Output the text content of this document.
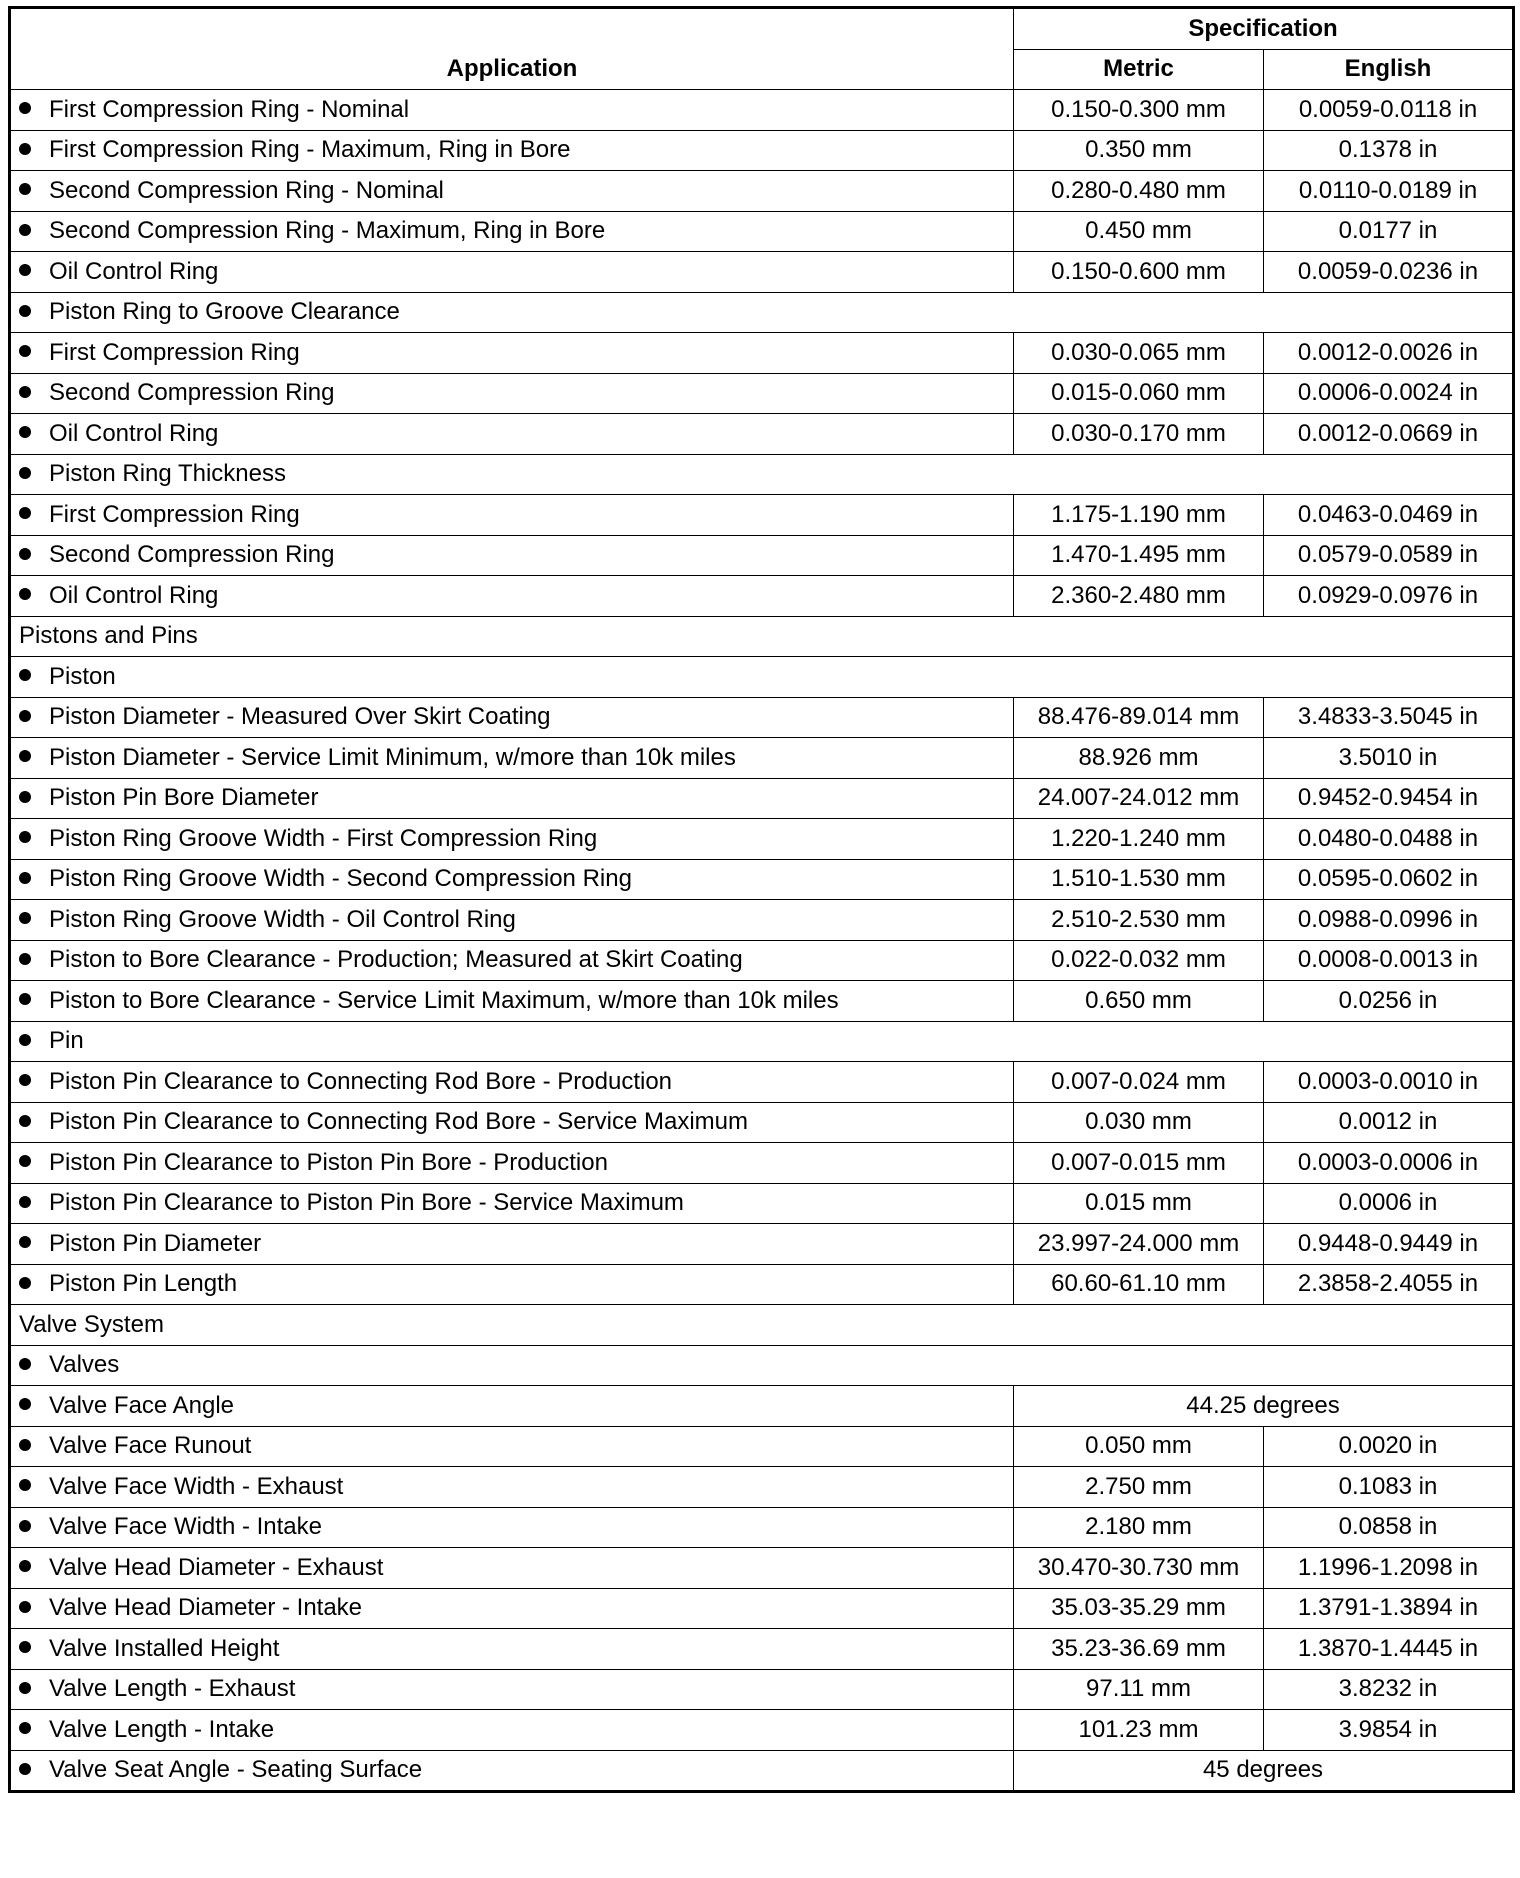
Application	Specification	
	Metric	English
First Compression Ring - Nominal	0.150-0.300 mm	0.0059-0.0118 in
First Compression Ring - Maximum, Ring in Bore	0.350 mm	0.1378 in
Second Compression Ring - Nominal	0.280-0.480 mm	0.0110-0.0189 in
Second Compression Ring - Maximum, Ring in Bore	0.450 mm	0.0177 in
Oil Control Ring	0.150-0.600 mm	0.0059-0.0236 in
Piston Ring to Groove Clearance		
First Compression Ring	0.030-0.065 mm	0.0012-0.0026 in
Second Compression Ring	0.015-0.060 mm	0.0006-0.0024 in
Oil Control Ring	0.030-0.170 mm	0.0012-0.0669 in
Piston Ring Thickness		
First Compression Ring	1.175-1.190 mm	0.0463-0.0469 in
Second Compression Ring	1.470-1.495 mm	0.0579-0.0589 in
Oil Control Ring	2.360-2.480 mm	0.0929-0.0976 in
Pistons and Pins		
Piston		
Piston Diameter - Measured Over Skirt Coating	88.476-89.014 mm	3.4833-3.5045 in
Piston Diameter - Service Limit Minimum, w/more than 10k miles	88.926 mm	3.5010 in
Piston Pin Bore Diameter	24.007-24.012 mm	0.9452-0.9454 in
Piston Ring Groove Width - First Compression Ring	1.220-1.240 mm	0.0480-0.0488 in
Piston Ring Groove Width - Second Compression Ring	1.510-1.530 mm	0.0595-0.0602 in
Piston Ring Groove Width - Oil Control Ring	2.510-2.530 mm	0.0988-0.0996 in
Piston to Bore Clearance - Production; Measured at Skirt Coating	0.022-0.032 mm	0.0008-0.0013 in
Piston to Bore Clearance - Service Limit Maximum, w/more than 10k miles	0.650 mm	0.0256 in
Pin		
Piston Pin Clearance to Connecting Rod Bore - Production	0.007-0.024 mm	0.0003-0.0010 in
Piston Pin Clearance to Connecting Rod Bore - Service Maximum	0.030 mm	0.0012 in
Piston Pin Clearance to Piston Pin Bore - Production	0.007-0.015 mm	0.0003-0.0006 in
Piston Pin Clearance to Piston Pin Bore - Service Maximum	0.015 mm	0.0006 in
Piston Pin Diameter	23.997-24.000 mm	0.9448-0.9449 in
Piston Pin Length	60.60-61.10 mm	2.3858-2.4055 in
Valve System		
Valves		
Valve Face Angle	44.25 degrees	
Valve Face Runout	0.050 mm	0.0020 in
Valve Face Width - Exhaust	2.750 mm	0.1083 in
Valve Face Width - Intake	2.180 mm	0.0858 in
Valve Head Diameter - Exhaust	30.470-30.730 mm	1.1996-1.2098 in
Valve Head Diameter - Intake	35.03-35.29 mm	1.3791-1.3894 in
Valve Installed Height	35.23-36.69 mm	1.3870-1.4445 in
Valve Length - Exhaust	97.11 mm	3.8232 in
Valve Length - Intake	101.23 mm	3.9854 in
Valve Seat Angle - Seating Surface	45 degrees	
